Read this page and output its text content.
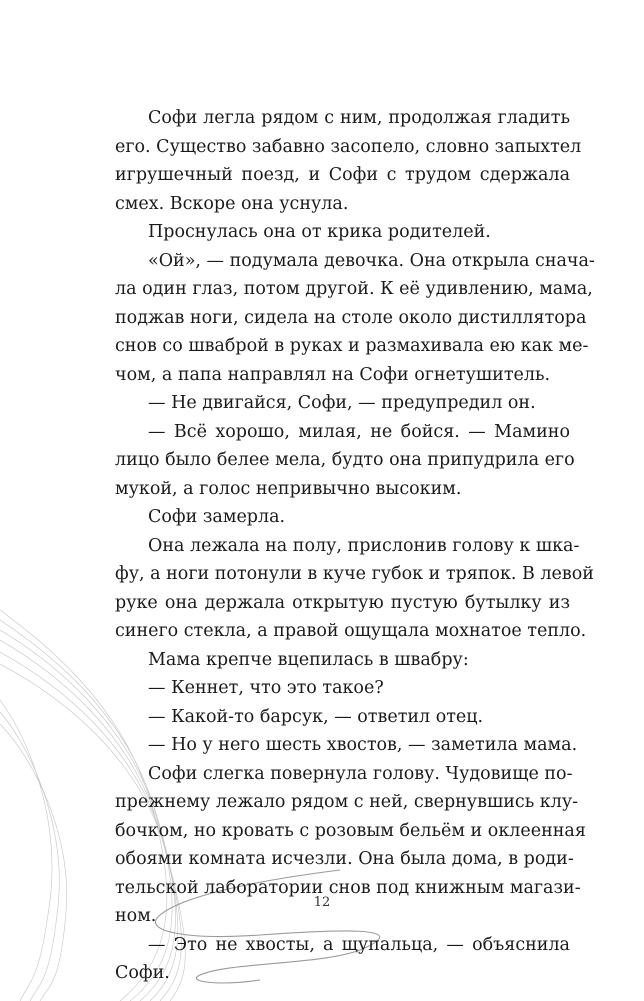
Софи легла рядом с ним, продолжая гладить
его. Существо забавно засопело, словно запыхтел
игрушечный поезд, и Софи с трудом сдержала
смех. Вскоре она уснула.
Проснулась она от крика родителей.
«Ой», — подумала девочка. Она открыла снача-
ла один глаз, потом другой. К её удивлению, мама,
поджав ноги, сидела на столе около дистиллятора
снов со шваброй в руках и размахивала ею как ме-
чом, а папа направлял на Софи огнетушитель.
— Не двигайся, Софи, — предупредил он.
— Всё хорошо, милая, не бойся. — Мамино
лицо было белее мела, будто она припудрила его
мукой, а голос непривычно высоким.
Софи замерла.
Она лежала на полу, прислонив голову к шка-
фу, а ноги потонули в куче губок и тряпок. В левой
руке она держала открытую пустую бутылку из
синего стекла, а правой ощущала мохнатое тепло.
Мама крепче вцепилась в швабру:
— Кеннет, что это такое?
— Какой-то барсук, — ответил отец.
— Но у него шесть хвостов, — заметила мама.
Софи слегка повернула голову. Чудовище по-
прежнему лежало рядом с ней, свернувшись клу-
бочком, но кровать с розовым бельём и оклеенная
обоями комната исчезли. Она была дома, в роди-
тельской лаборатории снов под книжным магази-
ном.
— Это не хвосты, а щупальца, — объяснила
Софи.
12
